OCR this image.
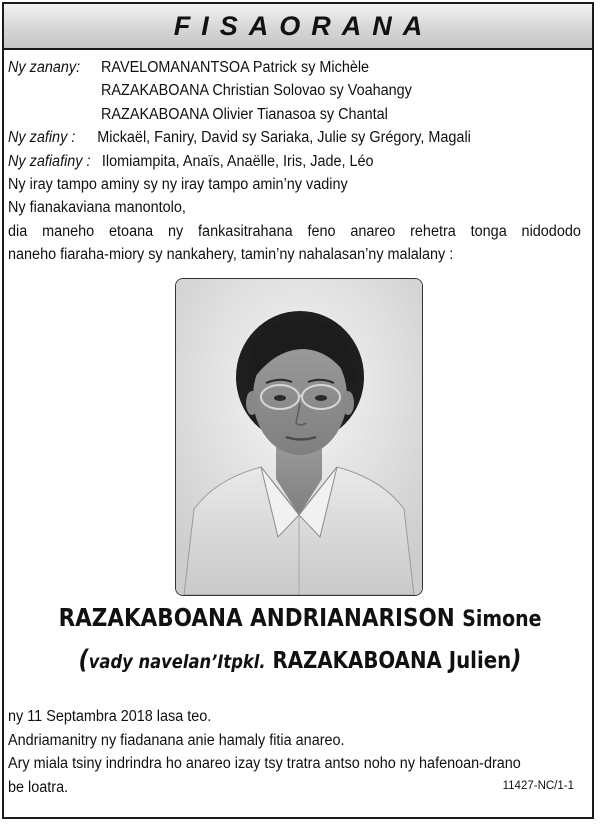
FISAORANA
Ny zanany:	RAVELOMANANTSOA Patrick sy Michèle
RAZAKABOANA Christian Solovao sy Voahangy
RAZAKABOANA Olivier Tianasoa sy Chantal
Ny zafiny :	Mickaël, Faniry, David sy Sariaka, Julie sy Grégory, Magali
Ny zafiafiny : Ilomiampita, Anaïs, Anaëlle, Iris, Jade, Léo
Ny iray tampo aminy sy ny iray tampo amin’ny vadiny
Ny fianakaviana manontolo,
dia maneho etoana ny fankasitrahana feno anareo rehetra tonga nidododo
naneho fiaraha-miory sy nankahery, tamin’ny nahalasan’ny malalany :
RAZAKABOANA ANDRIANARISON Simone
(vady navelan’Itpkl. RAZAKABOANA Julien)
ny 11 Septambra 2018 lasa teo.
Andriamanitry ny fiadanana anie hamaly fitia anareo.
Ary miala tsiny indrindra ho anareo izay tsy tratra antso noho ny hafenoan-drano
be loatra.	11427-NC/1-1
